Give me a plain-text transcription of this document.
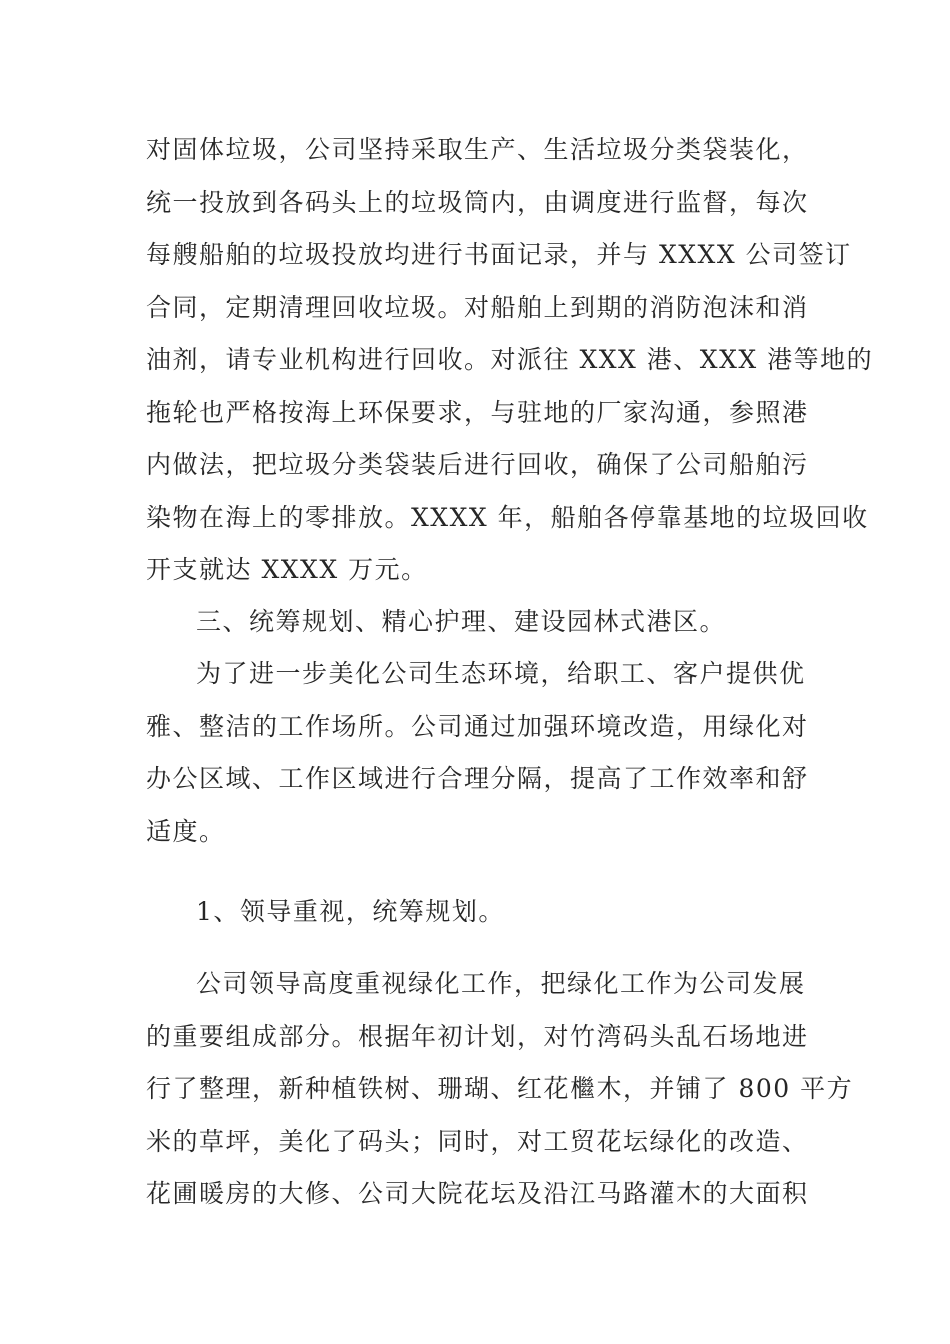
对固体垃圾，公司坚持采取生产、生活垃圾分类袋装化，
统一投放到各码头上的垃圾筒内，由调度进行监督，每次
每艘船舶的垃圾投放均进行书面记录，并与 XXXX 公司签订
合同，定期清理回收垃圾。对船舶上到期的消防泡沫和消
油剂，请专业机构进行回收。对派往 XXX 港、XXX 港等地的
拖轮也严格按海上环保要求，与驻地的厂家沟通，参照港
内做法，把垃圾分类袋装后进行回收，确保了公司船舶污
染物在海上的零排放。XXXX 年，船舶各停靠基地的垃圾回收
开支就达 XXXX 万元。
三、统筹规划、精心护理、建设园林式港区。
为了进一步美化公司生态环境，给职工、客户提供优
雅、整洁的工作场所。公司通过加强环境改造，用绿化对
办公区域、工作区域进行合理分隔，提高了工作效率和舒
适度。
1、领导重视，统筹规划。
公司领导高度重视绿化工作，把绿化工作为公司发展
的重要组成部分。根据年初计划，对竹湾码头乱石场地进
行了整理，新种植铁树、珊瑚、红花檵木，并铺了 800 平方
米的草坪，美化了码头；同时，对工贸花坛绿化的改造、
花圃暖房的大修、公司大院花坛及沿江马路灌木的大面积
